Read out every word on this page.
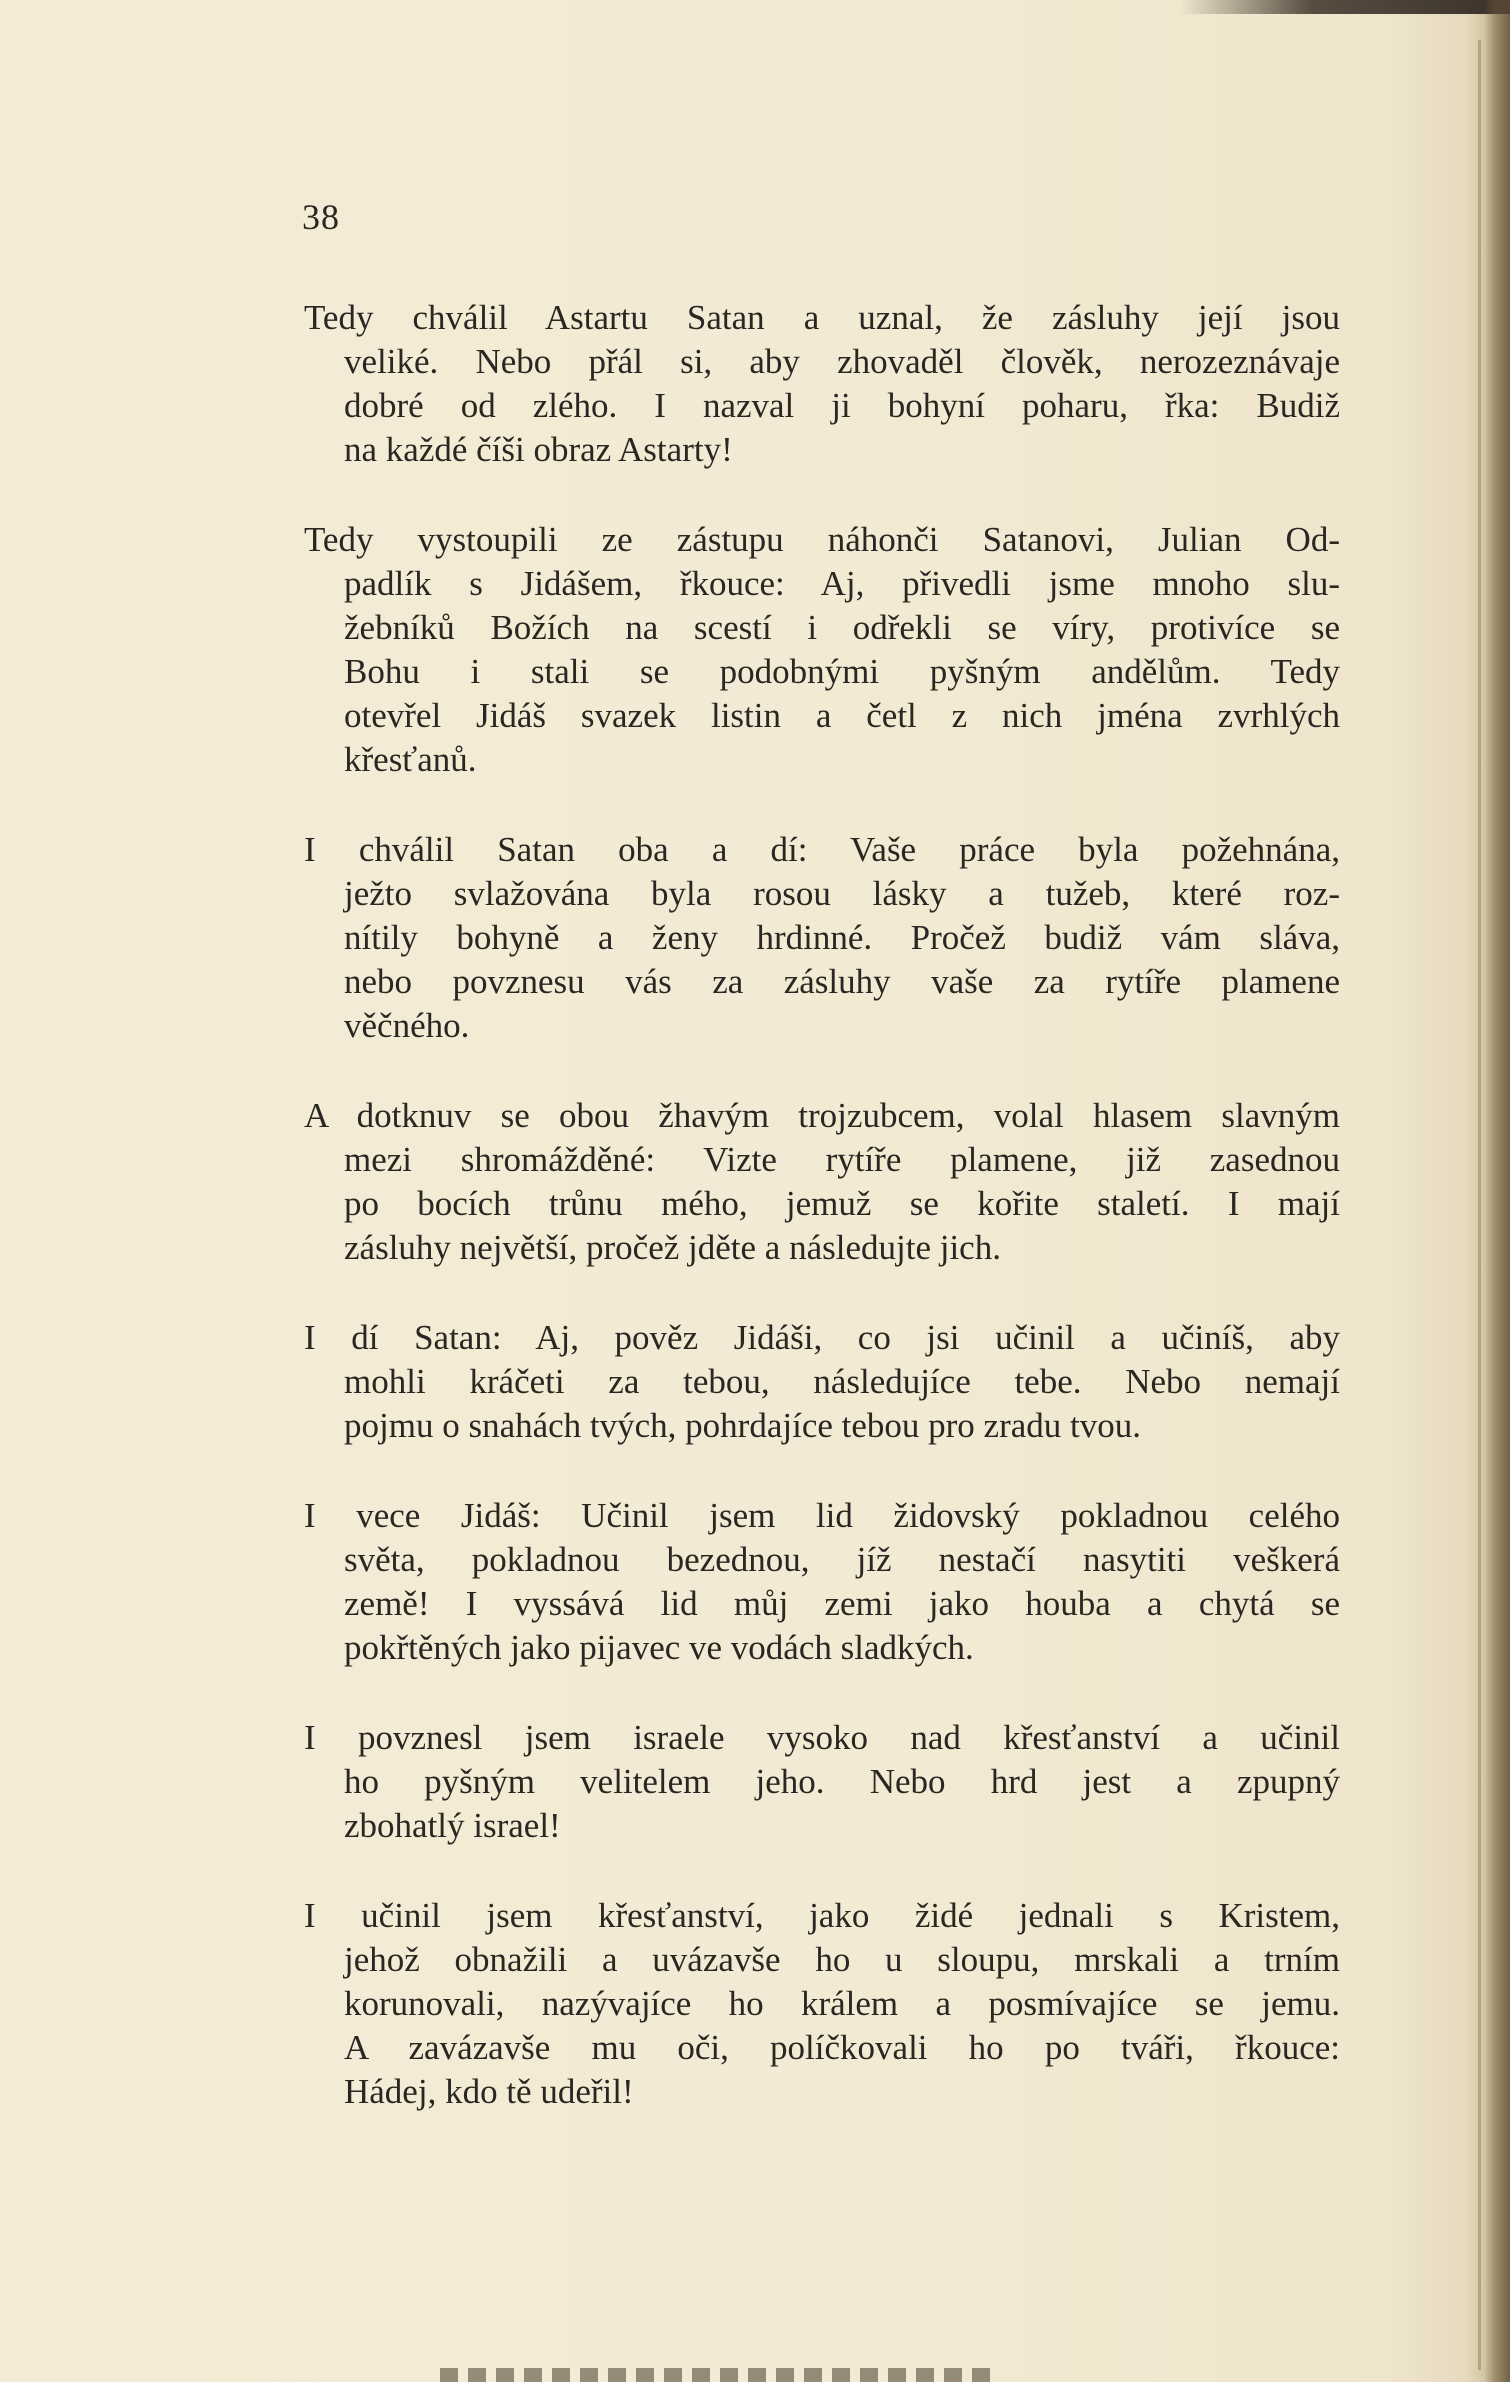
38
Tedy chválil Astartu Satan a uznal, že zásluhy její jsou
veliké. Nebo přál si, aby zhovaděl člověk, nerozeznávaje
dobré od zlého. I nazval ji bohyní poharu, řka: Budiž
na každé číši obraz Astarty!
Tedy vystoupili ze zástupu náhonči Satanovi, Julian Od-
padlík s Jidášem, řkouce: Aj, přivedli jsme mnoho slu-
žebníků Božích na scestí i odřekli se víry, protivíce se
Bohu i stali se podobnými pyšným andělům. Tedy
otevřel Jidáš svazek listin a četl z nich jména zvrhlých
křesťanů.
I chválil Satan oba a dí: Vaše práce byla požehnána,
ježto svlažována byla rosou lásky a tužeb, které roz-
nítily bohyně a ženy hrdinné. Pročež budiž vám sláva,
nebo povznesu vás za zásluhy vaše za rytíře plamene
věčného.
A dotknuv se obou žhavým trojzubcem, volal hlasem slavným
mezi shromážděné: Vizte rytíře plamene, již zasednou
po bocích trůnu mého, jemuž se kořite staletí. I mají
zásluhy největší, pročež jděte a následujte jich.
I dí Satan: Aj, pověz Jidáši, co jsi učinil a učiníš, aby
mohli kráčeti za tebou, následujíce tebe. Nebo nemají
pojmu o snahách tvých, pohrdajíce tebou pro zradu tvou.
I vece Jidáš: Učinil jsem lid židovský pokladnou celého
světa, pokladnou bezednou, jíž nestačí nasytiti veškerá
země! I vyssává lid můj zemi jako houba a chytá se
pokřtěných jako pijavec ve vodách sladkých.
I povznesl jsem israele vysoko nad křesťanství a učinil
ho pyšným velitelem jeho. Nebo hrd jest a zpupný
zbohatlý israel!
I učinil jsem křesťanství, jako židé jednali s Kristem,
jehož obnažili a uvázavše ho u sloupu, mrskali a trním
korunovali, nazývajíce ho králem a posmívajíce se jemu.
A zavázavše mu oči, políčkovali ho po tváři, řkouce:
Hádej, kdo tě udeřil!
